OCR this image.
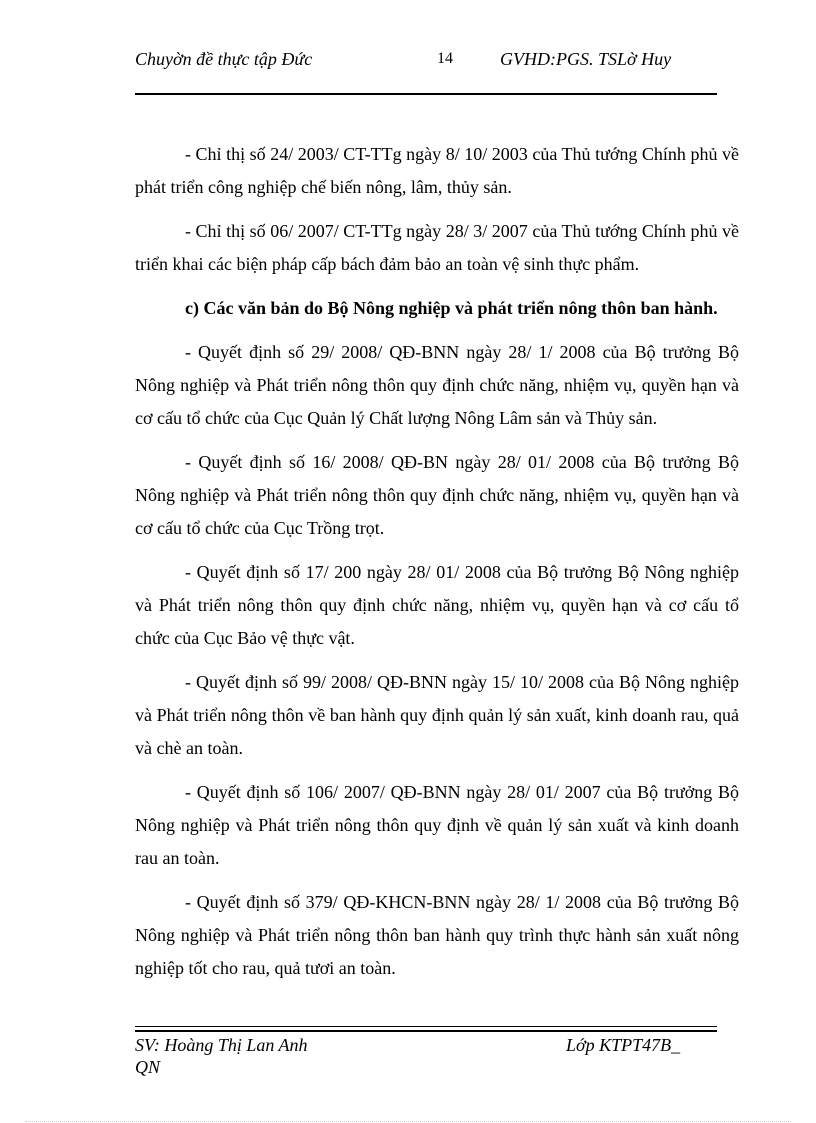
Chuyờn đề thực tập Đức	14	GVHD:PGS. TSLờ Huy

- Chỉ thị số 24/ 2003/ CT-TTg ngày 8/ 10/ 2003 của Thủ tướng Chính phủ về phát triển công nghiệp chế biến nông, lâm, thủy sản.

- Chỉ thị số 06/ 2007/ CT-TTg ngày 28/ 3/ 2007 của Thủ tướng Chính phủ về triển khai các biện pháp cấp bách đảm bảo an toàn vệ sinh thực phẩm.

c) Các văn bản do Bộ Nông nghiệp và phát triển nông thôn ban hành.

- Quyết định số 29/ 2008/ QĐ-BNN ngày 28/ 1/ 2008 của Bộ trưởng Bộ Nông nghiệp và Phát triển nông thôn quy định chức năng, nhiệm vụ, quyền hạn và cơ cấu tổ chức của Cục Quản lý Chất lượng Nông Lâm sản và Thủy sản.

- Quyết định số 16/ 2008/ QĐ-BN ngày 28/ 01/ 2008 của Bộ trưởng Bộ Nông nghiệp và Phát triển nông thôn quy định chức năng, nhiệm vụ, quyền hạn và cơ cấu tổ chức của Cục Trồng trọt.

- Quyết định số 17/ 200 ngày 28/ 01/ 2008 của Bộ trưởng Bộ Nông nghiệp và Phát triển nông thôn quy định chức năng, nhiệm vụ, quyền hạn và cơ cấu tổ chức của Cục Bảo vệ thực vật.

- Quyết định số 99/ 2008/ QĐ-BNN ngày 15/ 10/ 2008 của Bộ Nông nghiệp và Phát triển nông thôn về ban hành quy định quản lý sản xuất, kinh doanh rau, quả và chè an toàn.

- Quyết định số 106/ 2007/ QĐ-BNN ngày 28/ 01/ 2007 của Bộ trưởng Bộ Nông nghiệp và Phát triển nông thôn quy định về quản lý sản xuất và kinh doanh rau an toàn.

- Quyết định số 379/ QĐ-KHCN-BNN ngày 28/ 1/ 2008 của Bộ trưởng Bộ Nông nghiệp và Phát triển nông thôn ban hành quy trình thực hành sản xuất nông nghiệp tốt cho rau, quả tươi an toàn.

SV: Hoàng Thị Lan Anh QN
Lớp KTPT47B_
